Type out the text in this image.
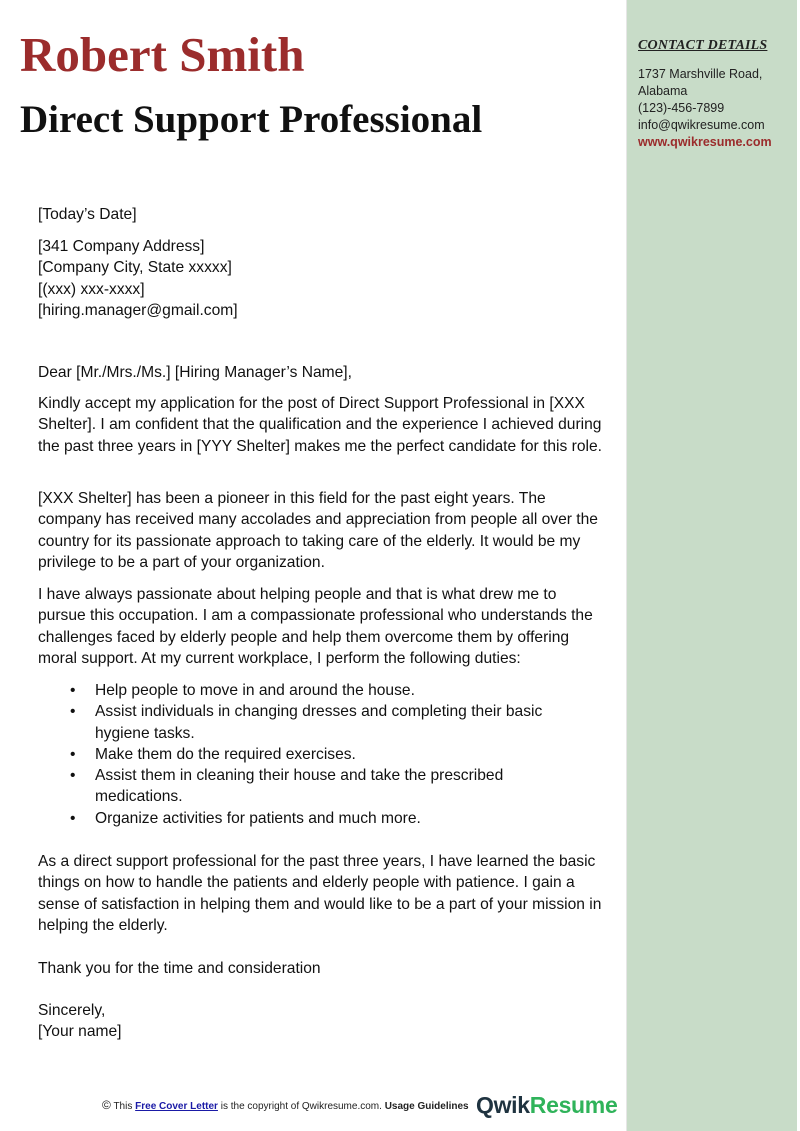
CONTACT DETAILS
1737 Marshville Road,
Alabama
(123)-456-7899
info@qwikresume.com
www.qwikresume.com
Robert Smith
Direct Support Professional

[Today’s Date]

[341 Company Address]
[Company City, State xxxxx]
[(xxx) xxx-xxxx]
[hiring.manager@gmail.com]

Dear [Mr./Mrs./Ms.] [Hiring Manager’s Name],

Kindly accept my application for the post of Direct Support Professional in [XXX Shelter]. I am confident that the qualification and the experience I achieved during the past three years in [YYY Shelter] makes me the perfect candidate for this role.

[XXX Shelter] has been a pioneer in this field for the past eight years. The company has received many accolades and appreciation from people all over the country for its passionate approach to taking care of the elderly. It would be my privilege to be a part of your organization.

I have always passionate about helping people and that is what drew me to pursue this occupation. I am a compassionate professional who understands the challenges faced by elderly people and help them overcome them by offering moral support. At my current workplace, I perform the following duties:

• Help people to move in and around the house.
• Assist individuals in changing dresses and completing their basic hygiene tasks.
• Make them do the required exercises.
• Assist them in cleaning their house and take the prescribed medications.
• Organize activities for patients and much more.

As a direct support professional for the past three years, I have learned the basic things on how to handle the patients and elderly people with patience. I gain a sense of satisfaction in helping them and would like to be a part of your mission in helping the elderly.

Thank you for the time and consideration

Sincerely,
[Your name]
© This Free Cover Letter is the copyright of Qwikresume.com. Usage Guidelines QwikResume
